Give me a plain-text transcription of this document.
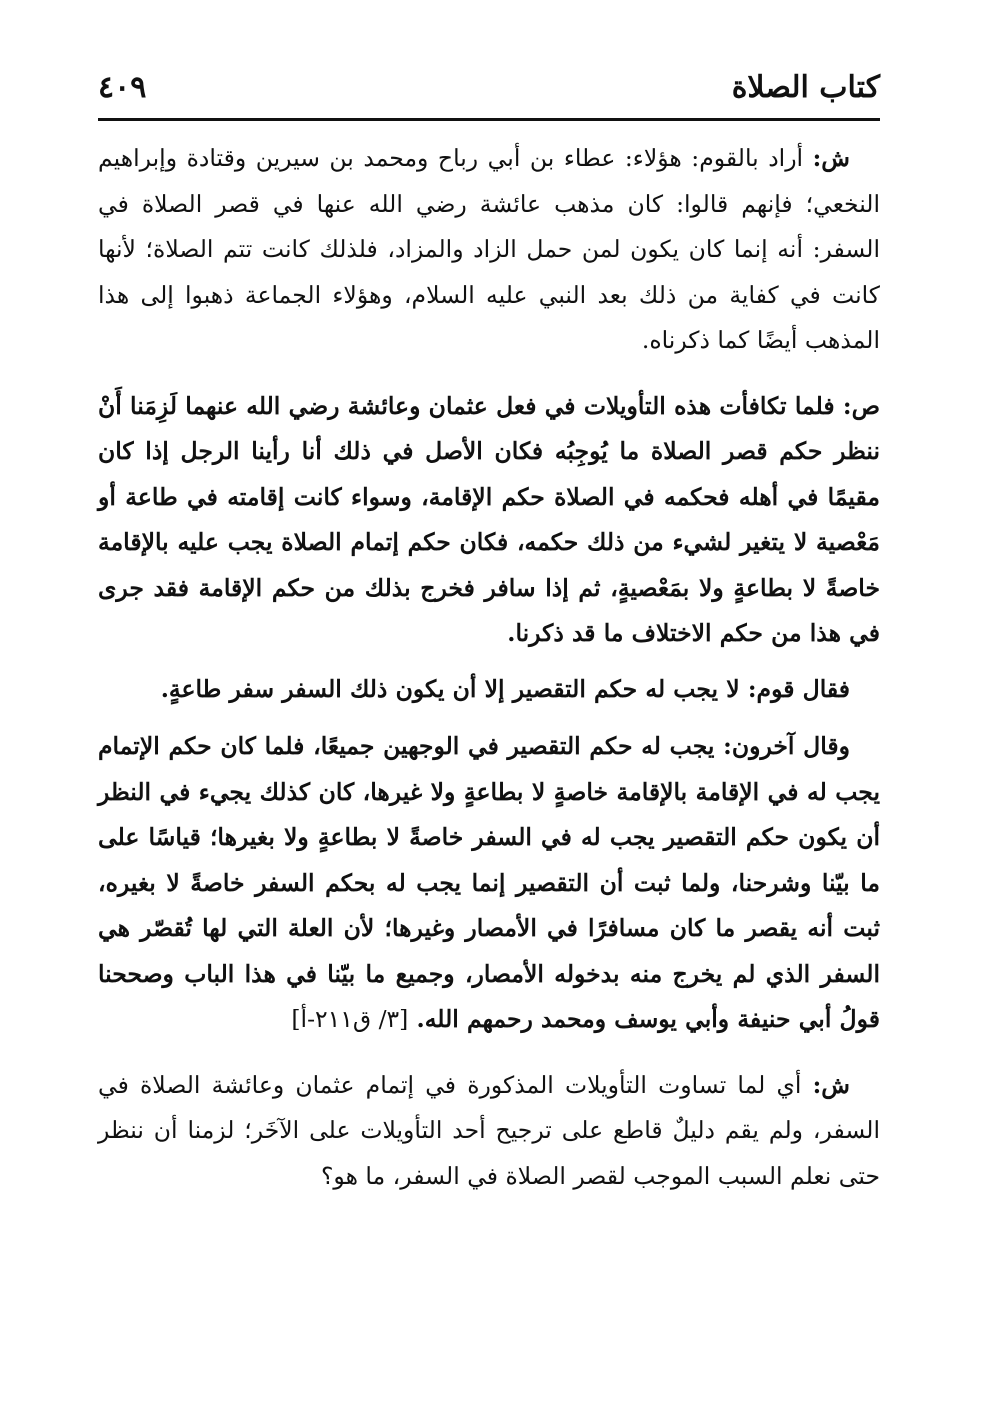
كتاب الصلاة
٤٠٩

ش: أراد بالقوم: هؤلاء: عطاء بن أبي رباح ومحمد بن سيرين وقتادة وإبراهيم النخعي؛ فإنهم قالوا: كان مذهب عائشة رضي الله عنها في قصر الصلاة في السفر: أنه إنما كان يكون لمن حمل الزاد والمزاد، فلذلك كانت تتم الصلاة؛ لأنها كانت في كفاية من ذلك بعد النبي عليه السلام، وهؤلاء الجماعة ذهبوا إلى هذا المذهب أيضًا كما ذكرناه.

ص: فلما تكافأت هذه التأويلات في فعل عثمان وعائشة رضي الله عنهما لَزِمَنا أَنْ ننظر حكم قصر الصلاة ما يُوجِبُه فكان الأصل في ذلك أنا رأينا الرجل إذا كان مقيمًا في أهله فحكمه في الصلاة حكم الإقامة، وسواء كانت إقامته في طاعة أو مَعْصية لا يتغير لشيء من ذلك حكمه، فكان حكم إتمام الصلاة يجب عليه بالإقامة خاصةً لا بطاعةٍ ولا بمَعْصيةٍ، ثم إذا سافر فخرج بذلك من حكم الإقامة فقد جرى في هذا من حكم الاختلاف ما قد ذكرنا.

فقال قوم: لا يجب له حكم التقصير إلا أن يكون ذلك السفر سفر طاعةٍ.

وقال آخرون: يجب له حكم التقصير في الوجهين جميعًا، فلما كان حكم الإتمام يجب له في الإقامة بالإقامة خاصةٍ لا بطاعةٍ ولا غيرها، كان كذلك يجيء في النظر أن يكون حكم التقصير يجب له في السفر خاصةً لا بطاعةٍ ولا بغيرها؛ قياسًا على ما بيّنا وشرحنا، ولما ثبت أن التقصير إنما يجب له بحكم السفر خاصةً لا بغيره، ثبت أنه يقصر ما كان مسافرًا في الأمصار وغيرها؛ لأن العلة التي لها تُقصّر هي السفر الذي لم يخرج منه بدخوله الأمصار، وجميع ما بيّنا في هذا الباب وصححنا قولُ أبي حنيفة وأبي يوسف ومحمد رحمهم الله. [٣/ ق٢١١-أ]

ش: أي لما تساوت التأويلات المذكورة في إتمام عثمان وعائشة الصلاة في السفر، ولم يقم دليلٌ قاطع على ترجيح أحد التأويلات على الآخَر؛ لزمنا أن ننظر حتى نعلم السبب الموجب لقصر الصلاة في السفر، ما هو؟
